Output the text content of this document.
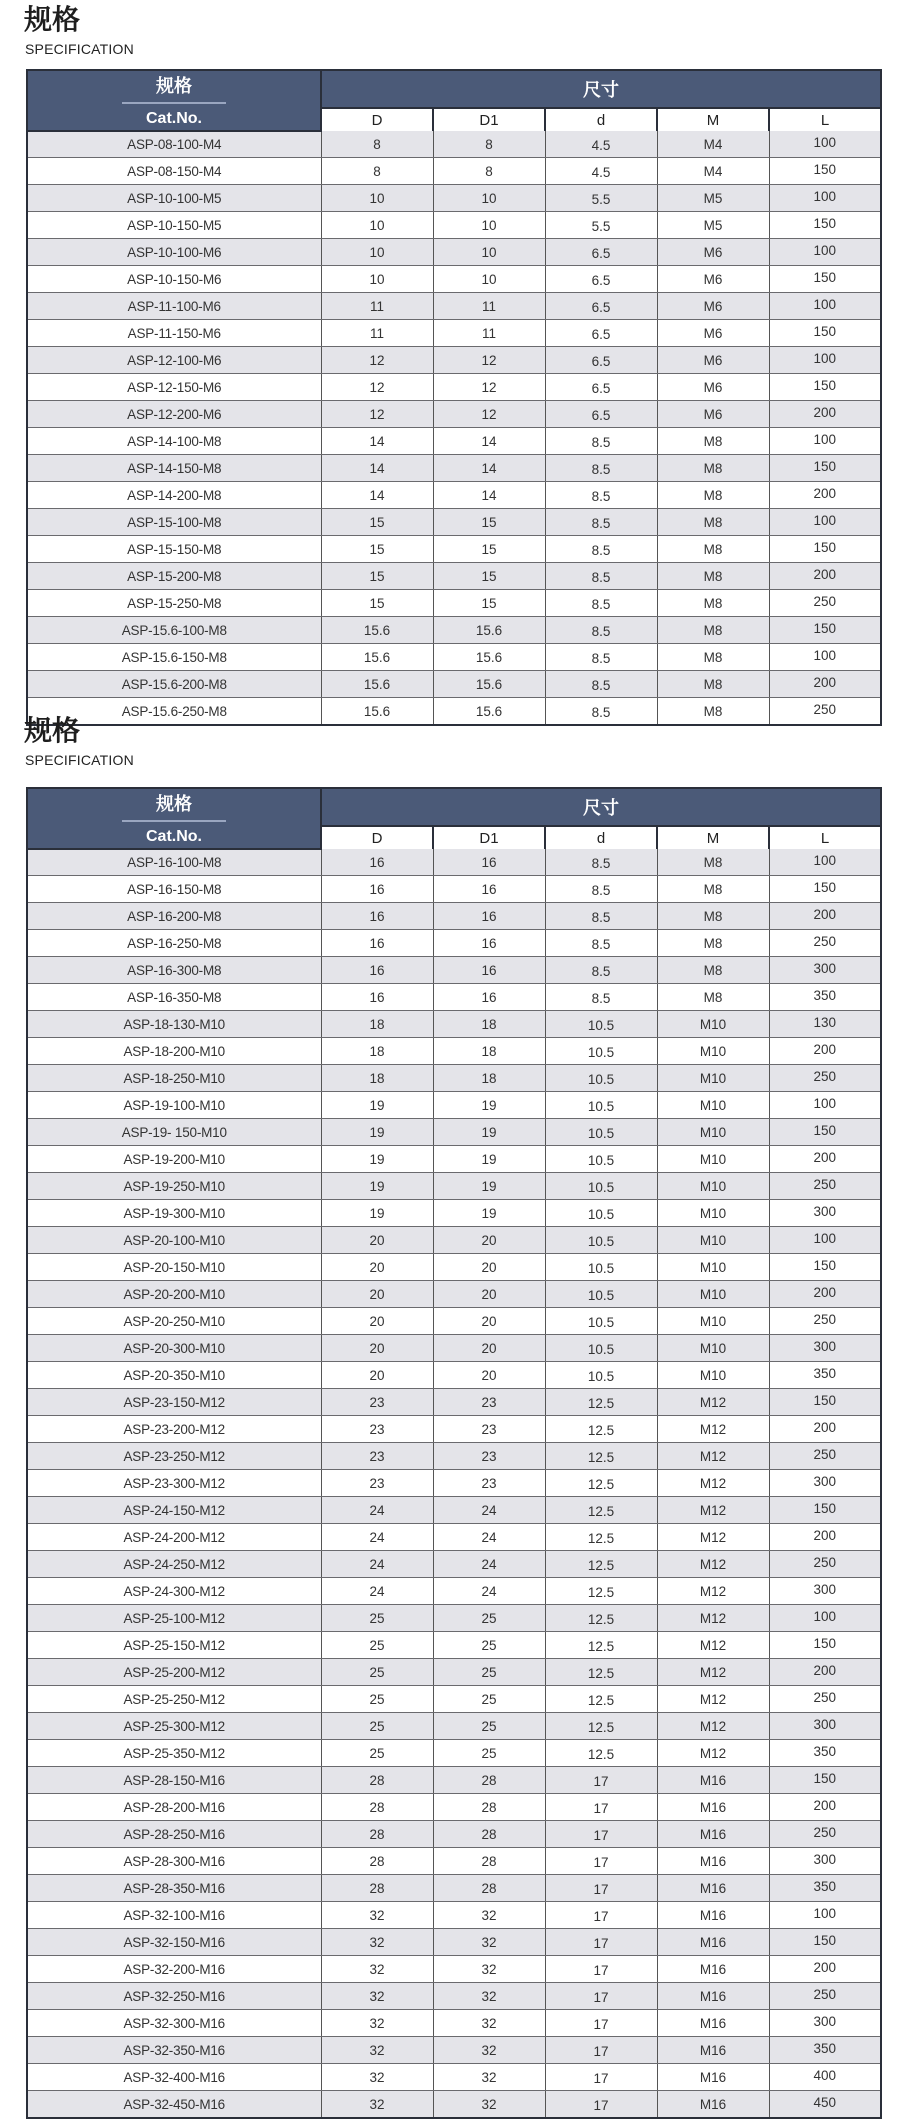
规格
SPECIFICATION
规格
Cat.No.	尺寸				
	D	D1	d	M	L
ASP-08-100-M4	8	8	4.5	M4	100
ASP-08-150-M4	8	8	4.5	M4	150
ASP-10-100-M5	10	10	5.5	M5	100
ASP-10-150-M5	10	10	5.5	M5	150
ASP-10-100-M6	10	10	6.5	M6	100
ASP-10-150-M6	10	10	6.5	M6	150
ASP-11-100-M6	11	11	6.5	M6	100
ASP-11-150-M6	11	11	6.5	M6	150
ASP-12-100-M6	12	12	6.5	M6	100
ASP-12-150-M6	12	12	6.5	M6	150
ASP-12-200-M6	12	12	6.5	M6	200
ASP-14-100-M8	14	14	8.5	M8	100
ASP-14-150-M8	14	14	8.5	M8	150
ASP-14-200-M8	14	14	8.5	M8	200
ASP-15-100-M8	15	15	8.5	M8	100
ASP-15-150-M8	15	15	8.5	M8	150
ASP-15-200-M8	15	15	8.5	M8	200
ASP-15-250-M8	15	15	8.5	M8	250
ASP-15.6-100-M8	15.6	15.6	8.5	M8	150
ASP-15.6-150-M8	15.6	15.6	8.5	M8	100
ASP-15.6-200-M8	15.6	15.6	8.5	M8	200
ASP-15.6-250-M8	15.6	15.6	8.5	M8	250
规格
SPECIFICATION
规格
Cat.No.	尺寸				
	D	D1	d	M	L
ASP-16-100-M8	16	16	8.5	M8	100
ASP-16-150-M8	16	16	8.5	M8	150
ASP-16-200-M8	16	16	8.5	M8	200
ASP-16-250-M8	16	16	8.5	M8	250
ASP-16-300-M8	16	16	8.5	M8	300
ASP-16-350-M8	16	16	8.5	M8	350
ASP-18-130-M10	18	18	10.5	M10	130
ASP-18-200-M10	18	18	10.5	M10	200
ASP-18-250-M10	18	18	10.5	M10	250
ASP-19-100-M10	19	19	10.5	M10	100
ASP-19- 150-M10	19	19	10.5	M10	150
ASP-19-200-M10	19	19	10.5	M10	200
ASP-19-250-M10	19	19	10.5	M10	250
ASP-19-300-M10	19	19	10.5	M10	300
ASP-20-100-M10	20	20	10.5	M10	100
ASP-20-150-M10	20	20	10.5	M10	150
ASP-20-200-M10	20	20	10.5	M10	200
ASP-20-250-M10	20	20	10.5	M10	250
ASP-20-300-M10	20	20	10.5	M10	300
ASP-20-350-M10	20	20	10.5	M10	350
ASP-23-150-M12	23	23	12.5	M12	150
ASP-23-200-M12	23	23	12.5	M12	200
ASP-23-250-M12	23	23	12.5	M12	250
ASP-23-300-M12	23	23	12.5	M12	300
ASP-24-150-M12	24	24	12.5	M12	150
ASP-24-200-M12	24	24	12.5	M12	200
ASP-24-250-M12	24	24	12.5	M12	250
ASP-24-300-M12	24	24	12.5	M12	300
ASP-25-100-M12	25	25	12.5	M12	100
ASP-25-150-M12	25	25	12.5	M12	150
ASP-25-200-M12	25	25	12.5	M12	200
ASP-25-250-M12	25	25	12.5	M12	250
ASP-25-300-M12	25	25	12.5	M12	300
ASP-25-350-M12	25	25	12.5	M12	350
ASP-28-150-M16	28	28	17	M16	150
ASP-28-200-M16	28	28	17	M16	200
ASP-28-250-M16	28	28	17	M16	250
ASP-28-300-M16	28	28	17	M16	300
ASP-28-350-M16	28	28	17	M16	350
ASP-32-100-M16	32	32	17	M16	100
ASP-32-150-M16	32	32	17	M16	150
ASP-32-200-M16	32	32	17	M16	200
ASP-32-250-M16	32	32	17	M16	250
ASP-32-300-M16	32	32	17	M16	300
ASP-32-350-M16	32	32	17	M16	350
ASP-32-400-M16	32	32	17	M16	400
ASP-32-450-M16	32	32	17	M16	450
